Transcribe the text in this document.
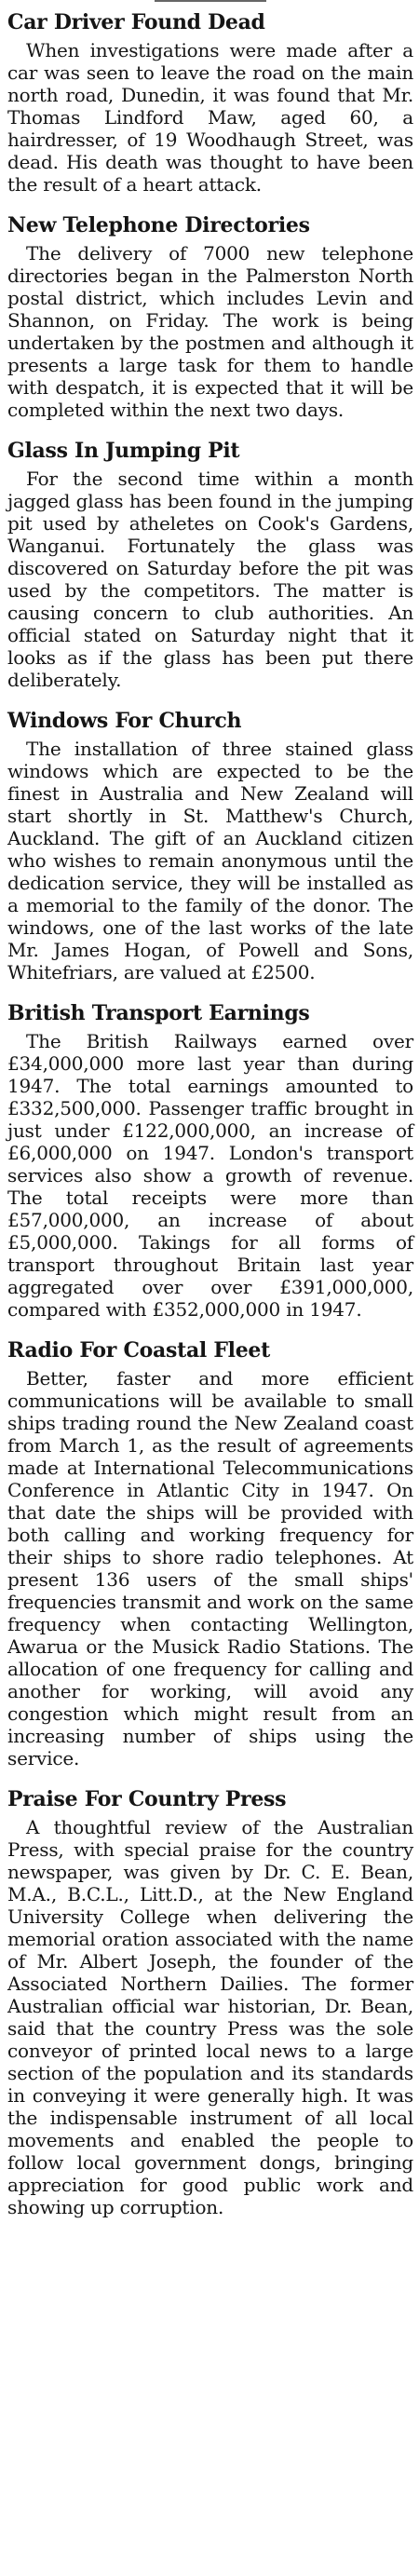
Car Driver Found Dead

When investigations were made after a car was seen to leave the road on the main north road, Dunedin, it was found that Mr. Thomas Lindford Maw, aged 60, a hairdresser, of 19 Woodhaugh Street, was dead. His death was thought to have been the result of a heart attack.

New Telephone Directories

The delivery of 7000 new telephone directories began in the Palmerston North postal district, which includes Levin and Shannon, on Friday. The work is being undertaken by the postmen and although it presents a large task for them to handle with despatch, it is expected that it will be completed within the next two days.

Glass In Jumping Pit

For the second time within a month jagged glass has been found in the jumping pit used by atheletes on Cook's Gardens, Wanganui. Fortunately the glass was discovered on Saturday before the pit was used by the competitors. The matter is causing concern to club authorities. An official stated on Saturday night that it looks as if the glass has been put there deliberately.

Windows For Church

The installation of three stained glass windows which are expected to be the finest in Australia and New Zealand will start shortly in St. Matthew's Church, Auckland. The gift of an Auckland citizen who wishes to remain anonymous until the dedication service, they will be installed as a memorial to the family of the donor. The windows, one of the last works of the late Mr. James Hogan, of Powell and Sons, Whitefriars, are valued at £2500.

British Transport Earnings

The British Railways earned over £34,000,000 more last year than during 1947. The total earnings amounted to £332,500,000. Passenger traffic brought in just under £122,000,000, an increase of £6,000,000 on 1947. London's transport services also show a growth of revenue. The total receipts were more than £57,000,000, an increase of about £5,000,000. Takings for all forms of transport throughout Britain last year aggregated over over £391,000,000, compared with £352,000,000 in 1947.

Radio For Coastal Fleet

Better, faster and more efficient communications will be available to small ships trading round the New Zealand coast from March 1, as the result of agreements made at International Telecommunications Conference in Atlantic City in 1947. On that date the ships will be provided with both calling and working frequency for their ships to shore radio telephones. At present 136 users of the small ships' frequencies transmit and work on the same frequency when contacting Wellington, Awarua or the Musick Radio Stations. The allocation of one frequency for calling and another for working, will avoid any congestion which might result from an increasing number of ships using the service.

Praise For Country Press

A thoughtful review of the Australian Press, with special praise for the country newspaper, was given by Dr. C. E. Bean, M.A., B.C.L., Litt.D., at the New England University College when delivering the memorial oration associated with the name of Mr. Albert Joseph, the founder of the Associated Northern Dailies. The former Australian official war historian, Dr. Bean, said that the country Press was the sole conveyor of printed local news to a large section of the population and its standards in conveying it were generally high. It was the indispensable instrument of all local movements and enabled the people to follow local government dongs, bringing appreciation for good public work and showing up corruption.
